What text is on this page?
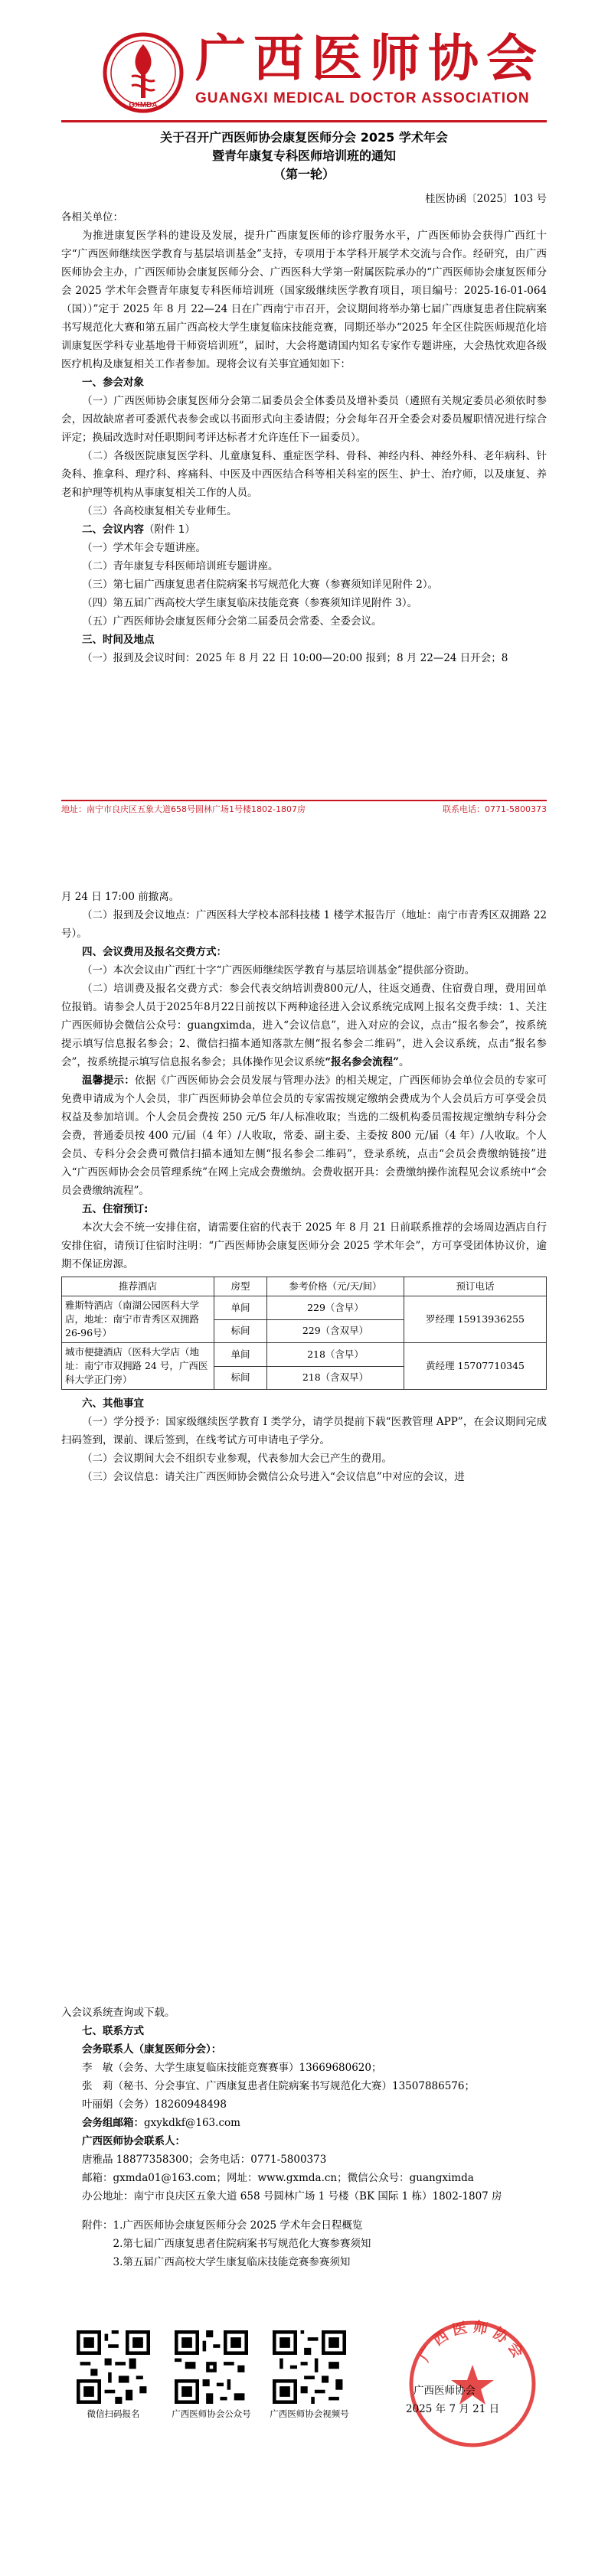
GXMDA
广西医师协会
GUANGXI MEDICAL DOCTOR ASSOCIATION
关于召开广西医师协会康复医师分会 2025 学术年会
暨青年康复专科医师培训班的通知
（第一轮）
桂医协函〔2025〕103 号

各相关单位：

为推进康复医学科的建设及发展，提升广西康复医师的诊疗服务水平，广西医师协会获得广西红十字“广西医师继续医学教育与基层培训基金”支持，专项用于本学科开展学术交流与合作。经研究，由广西医师协会主办，广西医师协会康复医师分会、广西医科大学第一附属医院承办的“广西医师协会康复医师分会 2025 学术年会暨青年康复专科医师培训班（国家级继续医学教育项目，项目编号：2025-16-01-064（国））”定于 2025 年 8 月 22—24 日在广西南宁市召开，会议期间将举办第七届广西康复患者住院病案书写规范化大赛和第五届广西高校大学生康复临床技能竞赛，同期还举办“2025 年全区住院医师规范化培训康复医学科专业基地骨干师资培训班”，届时，大会将邀请国内知名专家作专题讲座，大会热忱欢迎各级医疗机构及康复相关工作者参加。现将会议有关事宜通知如下：

一、参会对象

（一）广西医师协会康复医师分会第二届委员会全体委员及增补委员（遴照有关规定委员必须依时参会，因故缺席者可委派代表参会或以书面形式向主委请假；分会每年召开全委会对委员履职情况进行综合评定；换届改选时对任职期间考评达标者才允许连任下一届委员）。

（二）各级医院康复医学科、儿童康复科、重症医学科、骨科、神经内科、神经外科、老年病科、针灸科、推拿科、理疗科、疼痛科、中医及中西医结合科等相关科室的医生、护士、治疗师，以及康复、养老和护理等机构从事康复相关工作的人员。

（三）各高校康复相关专业师生。

二、会议内容（附件 1）

（一）学术年会专题讲座。

（二）青年康复专科医师培训班专题讲座。

（三）第七届广西康复患者住院病案书写规范化大赛（参赛须知详见附件 2）。

（四）第五届广西高校大学生康复临床技能竞赛（参赛须知详见附件 3）。

（五）广西医师协会康复医师分会第二届委员会常委、全委会议。

三、时间及地点

（一）报到及会议时间：2025 年 8 月 22 日 10:00—20:00 报到；8 月 22—24 日开会；8

地址：南宁市良庆区五象大道658号圆林广场1号楼1802-1807房	联系电话：0771-5800373

月 24 日 17:00 前撤离。

（二）报到及会议地点：广西医科大学校本部科技楼 1 楼学术报告厅（地址：南宁市青秀区双拥路 22 号）。

四、会议费用及报名交费方式：

（一）本次会议由广西红十字“广西医师继续医学教育与基层培训基金”提供部分资助。

（二）培训费及报名交费方式：参会代表交纳培训费800元/人，往返交通费、住宿费自理，费用回单位报销。请参会人员于2025年8月22日前按以下两种途径进入会议系统完成网上报名交费手续：1、关注广西医师协会微信公众号：guangximda，进入“会议信息”，进入对应的会议，点击“报名参会”，按系统提示填写信息报名参会；2、微信扫描本通知落款左侧“报名参会二维码”，进入会议系统，点击“报名参会”，按系统提示填写信息报名参会；具体操作见会议系统“报名参会流程”。

温馨提示：依据《广西医师协会会员发展与管理办法》的相关规定，广西医师协会单位会员的专家可免费申请成为个人会员，非广西医师协会单位会员的专家需按规定缴纳会费成为个人会员后方可享受会员权益及参加培训。个人会员会费按 250 元/5 年/人标准收取；当选的二级机构委员需按规定缴纳专科分会会费，普通委员按 400 元/届（4 年）/人收取，常委、副主委、主委按 800 元/届（4 年）/人收取。个人会员、专科分会会费可微信扫描本通知左侧“报名参会二维码”，登录系统，点击“会员会费缴纳链接”进入“广西医师协会会员管理系统”在网上完成会费缴纳。会费收据开具：会费缴纳操作流程见会议系统中“会员会费缴纳流程”。

五、住宿预订:

本次大会不统一安排住宿，请需要住宿的代表于 2025 年 8 月 21 日前联系推荐的会场周边酒店自行安排住宿，请预订住宿时注明：“广西医师协会康复医师分会 2025 学术年会”，方可享受团体协议价，逾期不保证房源。

推荐酒店	房型	参考价格（元/天/间）	预订电话
雅斯特酒店（南湖公园医科大学店，地址：南宁市青秀区双拥路26-96号）	单间	229（含早）	罗经理 15913936255
	标间	229（含双早）	
城市便捷酒店（医科大学店（地址：南宁市双拥路 24 号，广西医科大学正门旁）	单间	218（含早）	黄经理 15707710345
	标间	218（含双早）	

六、其他事宜

（一）学分授予：国家级继续医学教育 I 类学分，请学员提前下载“医教管理 APP”，在会议期间完成扫码签到，课前、课后签到，在线考试方可申请电子学分。

（二）会议期间大会不组织专业参观，代表参加大会已产生的费用。

（三）会议信息：请关注广西医师协会微信公众号进入“会议信息”中对应的会议，进

入会议系统查询或下载。

七、联系方式

会务联系人（康复医师分会）：

李　敏（会务、大学生康复临床技能竞赛赛事）13669680620；

张　莉（秘书、分会事宜、广西康复患者住院病案书写规范化大赛）13507886576；

叶丽娟（会务）18260948498

会务组邮箱：gxykdkf@163.com

广西医师协会联系人：

唐雅晶 18877358300；会务电话：0771-5800373

邮箱：gxmda01@163.com；网址：www.gxmda.cn；微信公众号：guangximda

办公地址：南宁市良庆区五象大道 658 号圆林广场 1 号楼（BK 国际 1 栋）1802-1807 房

附件：1.广西医师协会康复医师分会 2025 学术年会日程概览

2.第七届广西康复患者住院病案书写规范化大赛参赛须知

3.第五届广西高校大学生康复临床技能竞赛参赛须知

微信扫码报名	广西医师协会公众号	广西医师协会视频号
广西医师协会
广西医师协会
2025 年 7 月 21 日
